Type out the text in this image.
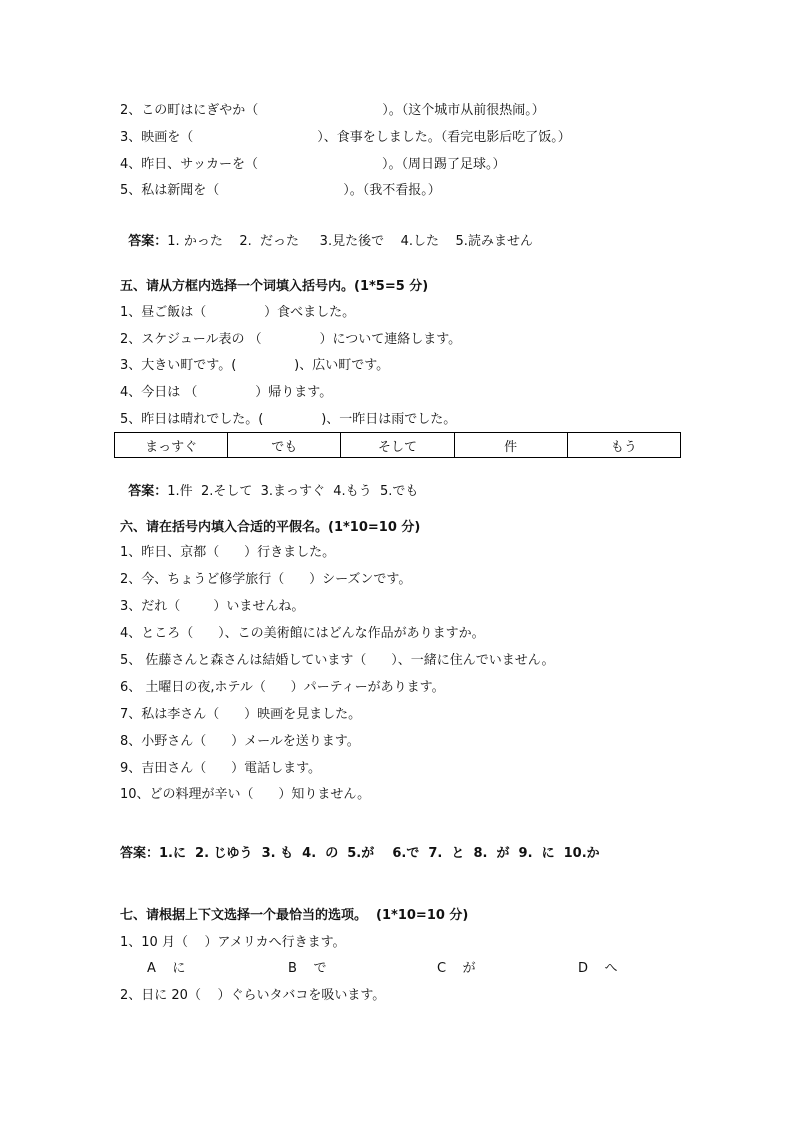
2、この町はにぎやか（                              ）。（这个城市从前很热闹。）
3、映画を（                              ）、食事をしました。（看完电影后吃了饭。）
4、昨日、サッカーを（                              ）。（周日踢了足球。）
5、私は新聞を（                              ）。（我不看报。）

答案：1. かった    2.  だった     3.見た後で    4.した    5.読みません

五、请从方框内选择一个词填入括号内。(1*5=5 分)
1、昼ご飯は（              ）食べました。
2、スケジュール表の （              ）について連絡します。
3、大きい町です。(              )、広い町です。
4、今日は （              ）帰ります。
5、昨日は晴れでした。(              )、一昨日は雨でした。
まっすぐ	でも	そして	件	もう

答案：1.件  2.そして  3.まっすぐ  4.もう  5.でも

六、请在括号内填入合适的平假名。(1*10=10 分)
1、昨日、京都（      ）行きました。
2、今、ちょうど修学旅行（      ）シーズンです。
3、だれ（        ）いませんね。
4、ところ（      ）、この美術館にはどんな作品がありますか。
5、 佐藤さんと森さんは結婚しています（      ）、一緒に住んでいません。
6、 土曜日の夜,ホテル（      ）パーティーがあります。
7、私は李さん（      ）映画を見ました。
8、小野さん（      ）メールを送ります。
9、吉田さん（      ）電話します。
10、どの料理が辛い（      ）知りません。
答案：1.に  2. じゆう  3. も  4.  の  5.が    6.で  7.  と  8.  が  9.  に  10.か
七、请根据上下文选择一个最恰当的选项。  (1*10=10 分)
1、10 月（    ）アメリカへ行きます。
A    に	B    で	C    が	D    へ
2、日に 20（    ）ぐらいタバコを吸います。
